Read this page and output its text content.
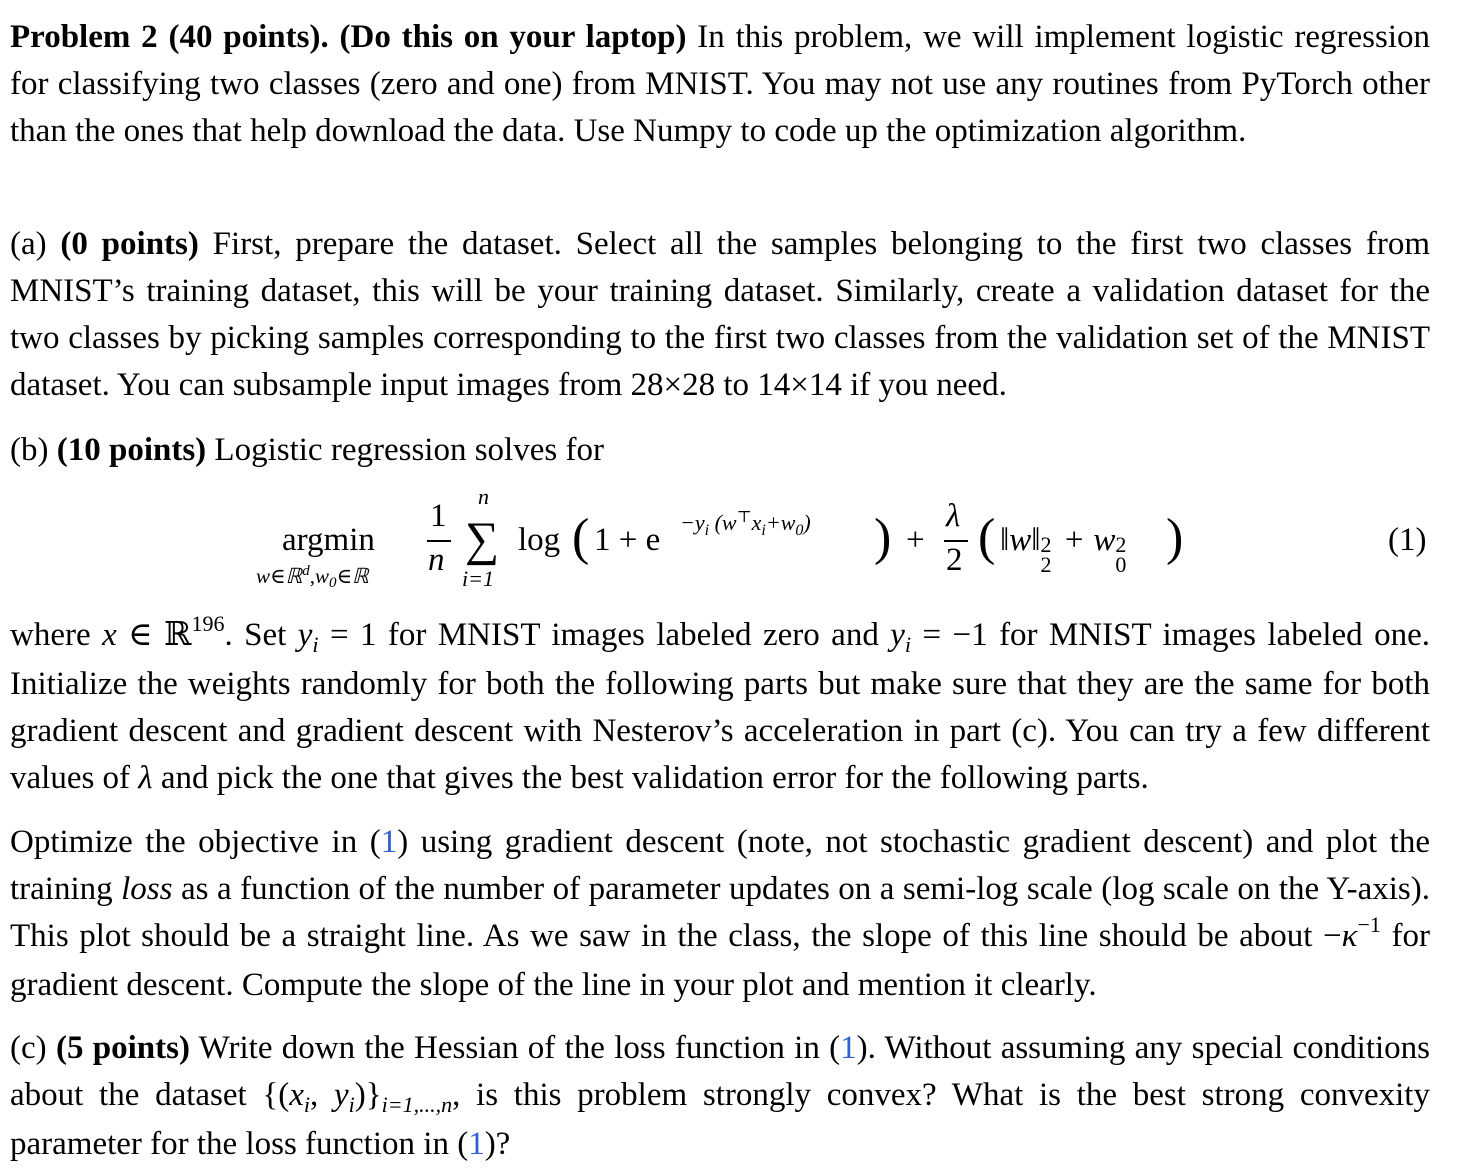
Problem 2 (40 points). (Do this on your laptop) In this problem, we will implement logistic regression for classifying two classes (zero and one) from MNIST. You may not use any routines from PyTorch other than the ones that help download the data. Use Numpy to code up the optimization algorithm.
(a) (0 points) First, prepare the dataset. Select all the samples belonging to the first two classes from MNIST’s training dataset, this will be your training dataset. Similarly, create a validation dataset for the two classes by picking samples corresponding to the first two classes from the validation set of the MNIST dataset. You can subsample input images from 28×28 to 14×14 if you need.
(b) (10 points) Logistic regression solves for
argmin
w∈ℝ$^d$,w0∈ℝ
1
n
n
∑
i=1
log ( $1 + e -y_i$ $(w^⊤x_i+w_0)$ ) +
λ
2 ( ‖w‖ 2
2
+ w 2
0 )	(1)
where x ∈ ℝ$^{196}$. Set $y_i = 1$ for MNIST images labeled zero and $y_i = -1$ for MNIST images labeled one. Initialize the weights randomly for both the following parts but make sure that they are the same for both gradient descent and gradient descent with Nesterov’s acceleration in part (c). You can try a few different values of λ and pick the one that gives the best validation error for the following parts.
Optimize the objective in (1) using gradient descent (note, not stochastic gradient descent) and plot the training loss as a function of the number of parameter updates on a semi-log scale (log scale on the Y-axis). This plot should be a straight line. As we saw in the class, the slope of this line should be about $-\kappa^{-1}$ for gradient descent. Compute the slope of the line in your plot and mention it clearly.
(c) (5 points) Write down the Hessian of the loss function in (1). Without assuming any special conditions about the dataset {($x_i$, $y_i)\}_{i=1,...,n}$, is this problem strongly convex? What is the best strong convexity parameter for the loss function in (1)?
